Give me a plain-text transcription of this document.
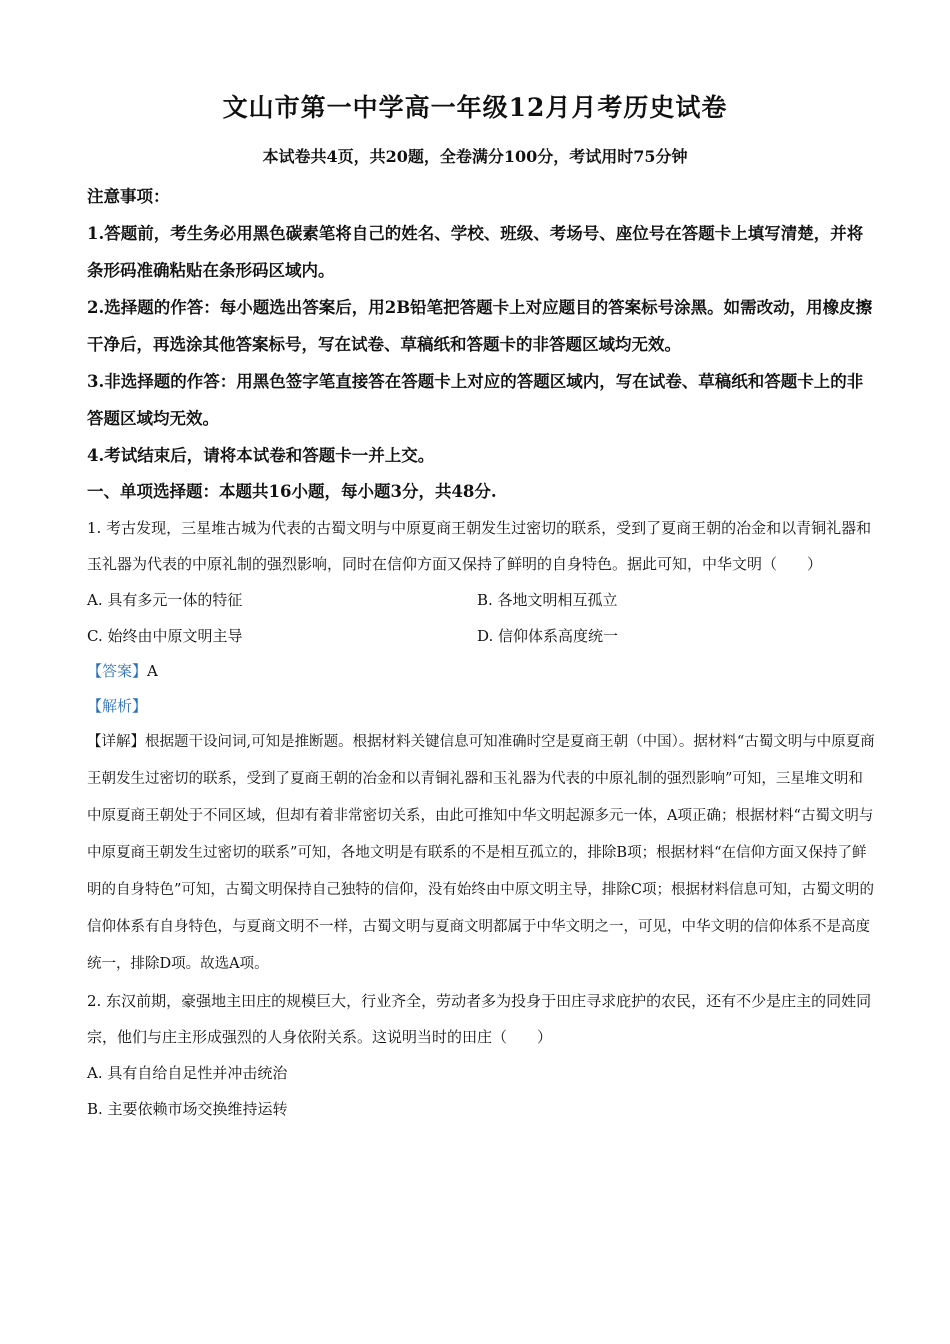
文山市第一中学高一年级12月月考历史试卷
本试卷共4页，共20题，全卷满分100分，考试用时75分钟
注意事项：
1.答题前，考生务必用黑色碳素笔将自己的姓名、学校、班级、考场号、座位号在答题卡上填写清楚，并将条形码准确粘贴在条形码区域内。
2.选择题的作答：每小题选出答案后，用2B铅笔把答题卡上对应题目的答案标号涂黑。如需改动，用橡皮擦干净后，再选涂其他答案标号，写在试卷、草稿纸和答题卡的非答题区域均无效。
3.非选择题的作答：用黑色签字笔直接答在答题卡上对应的答题区域内，写在试卷、草稿纸和答题卡上的非答题区域均无效。
4.考试结束后，请将本试卷和答题卡一并上交。
一、单项选择题：本题共16小题，每小题3分，共48分.
1. 考古发现，三星堆古城为代表的古蜀文明与中原夏商王朝发生过密切的联系，受到了夏商王朝的冶金和以青铜礼器和玉礼器为代表的中原礼制的强烈影响，同时在信仰方面又保持了鲜明的自身特色。据此可知，中华文明（　　）
A. 具有多元一体的特征	B. 各地文明相互孤立
C. 始终由中原文明主导	D. 信仰体系高度统一
【答案】A
【解析】
【详解】根据题干设问词,可知是推断题。根据材料关键信息可知准确时空是夏商王朝（中国）。据材料“古蜀文明与中原夏商王朝发生过密切的联系，受到了夏商王朝的冶金和以青铜礼器和玉礼器为代表的中原礼制的强烈影响”可知，三星堆文明和中原夏商王朝处于不同区域，但却有着非常密切关系，由此可推知中华文明起源多元一体，A项正确；根据材料“古蜀文明与中原夏商王朝发生过密切的联系”可知，各地文明是有联系的不是相互孤立的，排除B项；根据材料“在信仰方面又保持了鲜明的自身特色”可知，古蜀文明保持自己独特的信仰，没有始终由中原文明主导，排除C项；根据材料信息可知，古蜀文明的信仰体系有自身特色，与夏商文明不一样，古蜀文明与夏商文明都属于中华文明之一，可见，中华文明的信仰体系不是高度统一，排除D项。故选A项。
2. 东汉前期，豪强地主田庄的规模巨大，行业齐全，劳动者多为投身于田庄寻求庇护的农民，还有不少是庄主的同姓同宗，他们与庄主形成强烈的人身依附关系。这说明当时的田庄（　　）
A. 具有自给自足性并冲击统治
B. 主要依赖市场交换维持运转
